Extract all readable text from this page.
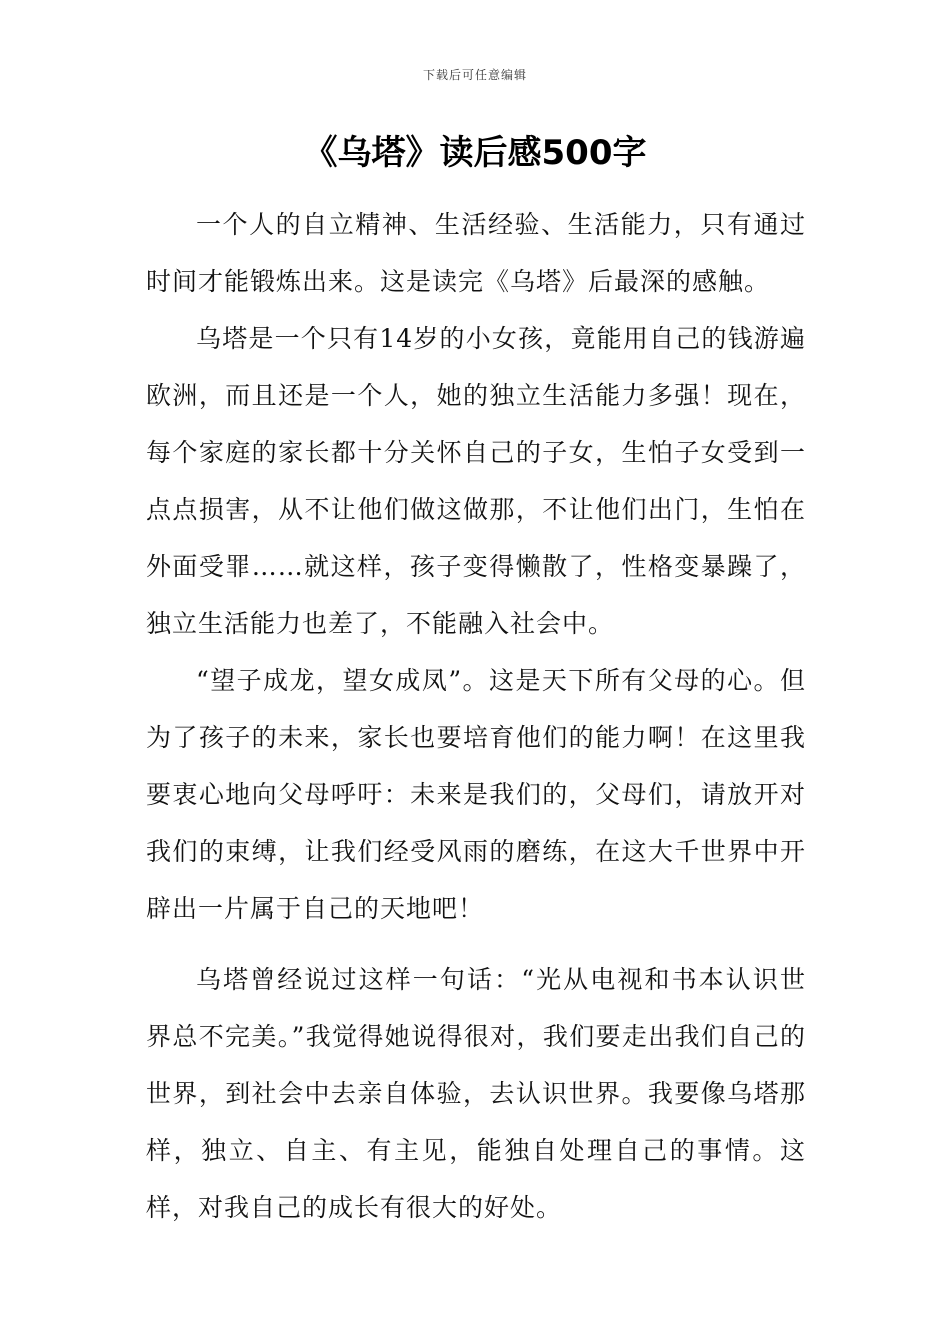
下载后可任意编辑
《乌塔》读后感500字

一个人的自立精神、生活经验、生活能力，只有通过时间才能锻炼出来。这是读完《乌塔》后最深的感触。

乌塔是一个只有14岁的小女孩，竟能用自己的钱游遍欧洲，而且还是一个人，她的独立生活能力多强！现在，每个家庭的家长都十分关怀自己的子女，生怕子女受到一点点损害，从不让他们做这做那，不让他们出门，生怕在外面受罪……就这样，孩子变得懒散了，性格变暴躁了，独立生活能力也差了，不能融入社会中。

“望子成龙，望女成凤”。这是天下所有父母的心。但为了孩子的未来，家长也要培育他们的能力啊！在这里我要衷心地向父母呼吁：未来是我们的，父母们，请放开对我们的束缚，让我们经受风雨的磨练，在这大千世界中开辟出一片属于自己的天地吧！

乌塔曾经说过这样一句话：“光从电视和书本认识世界总不完美。”我觉得她说得很对，我们要走出我们自己的世界，到社会中去亲自体验，去认识世界。我要像乌塔那样，独立、自主、有主见，能独自处理自己的事情。这样，对我自己的成长有很大的好处。
